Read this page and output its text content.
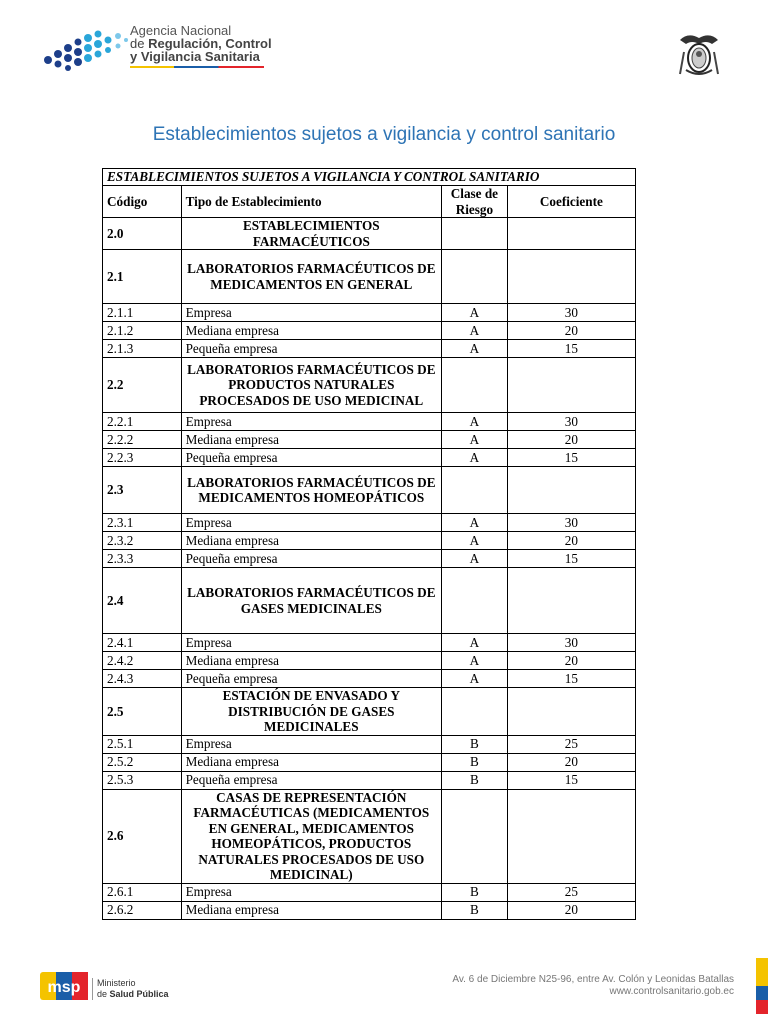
Agencia Nacional
de Regulación, Control
y Vigilancia Sanitaria
Establecimientos sujetos a vigilancia y control sanitario
ESTABLECIMIENTOS SUJETOS A VIGILANCIA Y CONTROL SANITARIO			
Código	Tipo de Establecimiento	Clase de Riesgo	Coeficiente
2.0	ESTABLECIMIENTOS FARMACÉUTICOS		
2.1	LABORATORIOS FARMACÉUTICOS DE MEDICAMENTOS EN GENERAL		
2.1.1	Empresa	A	30
2.1.2	Mediana empresa	A	20
2.1.3	Pequeña empresa	A	15
2.2	LABORATORIOS FARMACÉUTICOS DE PRODUCTOS NATURALES PROCESADOS DE USO MEDICINAL		
2.2.1	Empresa	A	30
2.2.2	Mediana empresa	A	20
2.2.3	Pequeña empresa	A	15
2.3	LABORATORIOS FARMACÉUTICOS DE MEDICAMENTOS HOMEOPÁTICOS		
2.3.1	Empresa	A	30
2.3.2	Mediana empresa	A	20
2.3.3	Pequeña empresa	A	15
2.4	LABORATORIOS FARMACÉUTICOS DE GASES MEDICINALES		
2.4.1	Empresa	A	30
2.4.2	Mediana empresa	A	20
2.4.3	Pequeña empresa	A	15
2.5	ESTACIÓN DE ENVASADO Y DISTRIBUCIÓN DE GASES MEDICINALES		
2.5.1	Empresa	B	25
2.5.2	Mediana empresa	B	20
2.5.3	Pequeña empresa	B	15
2.6	CASAS DE REPRESENTACIÓN FARMACÉUTICAS (MEDICAMENTOS EN GENERAL, MEDICAMENTOS HOMEOPÁTICOS, PRODUCTOS NATURALES PROCESADOS DE USO MEDICINAL)		
2.6.1	Empresa	B	25
2.6.2	Mediana empresa	B	20
msp Ministerio
de Salud Pública
Av. 6 de Diciembre N25-96, entre Av. Colón y Leonidas Batallas
www.controlsanitario.gob.ec
